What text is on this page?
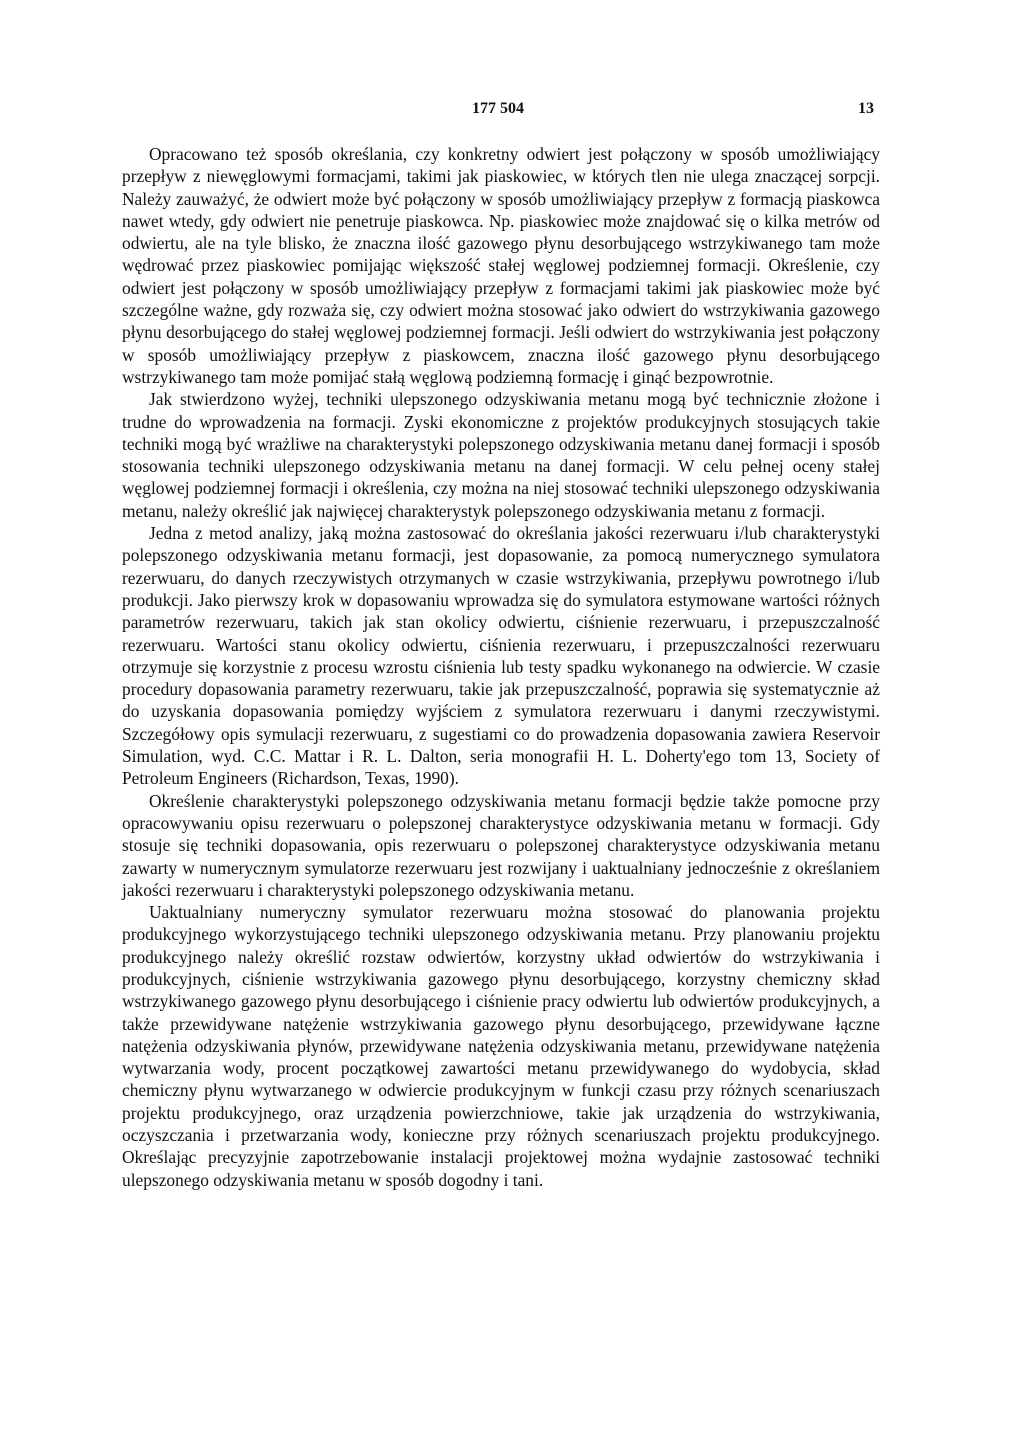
177 504	13

Opracowano też sposób określania, czy konkretny odwiert jest połączony w sposób umożliwiający przepływ z niewęglowymi formacjami, takimi jak piaskowiec, w których tlen nie ulega znaczącej sorpcji. Należy zauważyć, że odwiert może być połączony w sposób umożliwiający przepływ z formacją piaskowca nawet wtedy, gdy odwiert nie penetruje piaskowca. Np. piaskowiec może znajdować się o kilka metrów od odwiertu, ale na tyle blisko, że znaczna ilość gazowego płynu desorbującego wstrzykiwanego tam może wędrować przez piaskowiec pomijając większość stałej węglowej podziemnej formacji. Określenie, czy odwiert jest połączony w sposób umożliwiający przepływ z formacjami takimi jak piaskowiec może być szczególne ważne, gdy rozważa się, czy odwiert można stosować jako odwiert do wstrzykiwania gazowego płynu desorbującego do stałej węglowej podziemnej formacji. Jeśli odwiert do wstrzykiwania jest połączony w sposób umożliwiający przepływ z piaskowcem, znaczna ilość gazowego płynu desorbującego wstrzykiwanego tam może pomijać stałą węglową podziemną formację i ginąć bezpowrotnie.

Jak stwierdzono wyżej, techniki ulepszonego odzyskiwania metanu mogą być technicznie złożone i trudne do wprowadzenia na formacji. Zyski ekonomiczne z projektów produkcyjnych stosujących takie techniki mogą być wrażliwe na charakterystyki polepszonego odzyskiwania metanu danej formacji i sposób stosowania techniki ulepszonego odzyskiwania metanu na danej formacji. W celu pełnej oceny stałej węglowej podziemnej formacji i określenia, czy można na niej stosować techniki ulepszonego odzyskiwania metanu, należy określić jak najwięcej charakterystyk polepszonego odzyskiwania metanu z formacji.

Jedna z metod analizy, jaką można zastosować do określania jakości rezerwuaru i/lub charakterystyki polepszonego odzyskiwania metanu formacji, jest dopasowanie, za pomocą numerycznego symulatora rezerwuaru, do danych rzeczywistych otrzymanych w czasie wstrzykiwania, przepływu powrotnego i/lub produkcji. Jako pierwszy krok w dopasowaniu wprowadza się do symulatora estymowane wartości różnych parametrów rezerwuaru, takich jak stan okolicy odwiertu, ciśnienie rezerwuaru, i przepuszczalność rezerwuaru. Wartości stanu okolicy odwiertu, ciśnienia rezerwuaru, i przepuszczalności rezerwuaru otrzymuje się korzystnie z procesu wzrostu ciśnienia lub testy spadku wykonanego na odwiercie. W czasie procedury dopasowania parametry rezerwuaru, takie jak przepuszczalność, poprawia się systematycznie aż do uzyskania dopasowania pomiędzy wyjściem z symulatora rezerwuaru i danymi rzeczywistymi. Szczegółowy opis symulacji rezerwuaru, z sugestiami co do prowadzenia dopasowania zawiera Reservoir Simulation, wyd. C.C. Mattar i R. L. Dalton, seria monografii H. L. Doherty'ego tom 13, Society of Petroleum Engineers (Richardson, Texas, 1990).

Określenie charakterystyki polepszonego odzyskiwania metanu formacji będzie także pomocne przy opracowywaniu opisu rezerwuaru o polepszonej charakterystyce odzyskiwania metanu w formacji. Gdy stosuje się techniki dopasowania, opis rezerwuaru o polepszonej charakterystyce odzyskiwania metanu zawarty w numerycznym symulatorze rezerwuaru jest rozwijany i uaktualniany jednocześnie z określaniem jakości rezerwuaru i charakterystyki polepszonego odzyskiwania metanu.

Uaktualniany numeryczny symulator rezerwuaru można stosować do planowania projektu produkcyjnego wykorzystującego techniki ulepszonego odzyskiwania metanu. Przy planowaniu projektu produkcyjnego należy określić rozstaw odwiertów, korzystny układ odwiertów do wstrzykiwania i produkcyjnych, ciśnienie wstrzykiwania gazowego płynu desorbującego, korzystny chemiczny skład wstrzykiwanego gazowego płynu desorbującego i ciśnienie pracy odwiertu lub odwiertów produkcyjnych, a także przewidywane natężenie wstrzykiwania gazowego płynu desorbującego, przewidywane łączne natężenia odzyskiwania płynów, przewidywane natężenia odzyskiwania metanu, przewidywane natężenia wytwarzania wody, procent początkowej zawartości metanu przewidywanego do wydobycia, skład chemiczny płynu wytwarzanego w odwiercie produkcyjnym w funkcji czasu przy różnych scenariuszach projektu produkcyjnego, oraz urządzenia powierzchniowe, takie jak urządzenia do wstrzykiwania, oczyszczania i przetwarzania wody, konieczne przy różnych scenariuszach projektu produkcyjnego. Określając precyzyjnie zapotrzebowanie instalacji projektowej można wydajnie zastosować techniki ulepszonego odzyskiwania metanu w sposób dogodny i tani.
